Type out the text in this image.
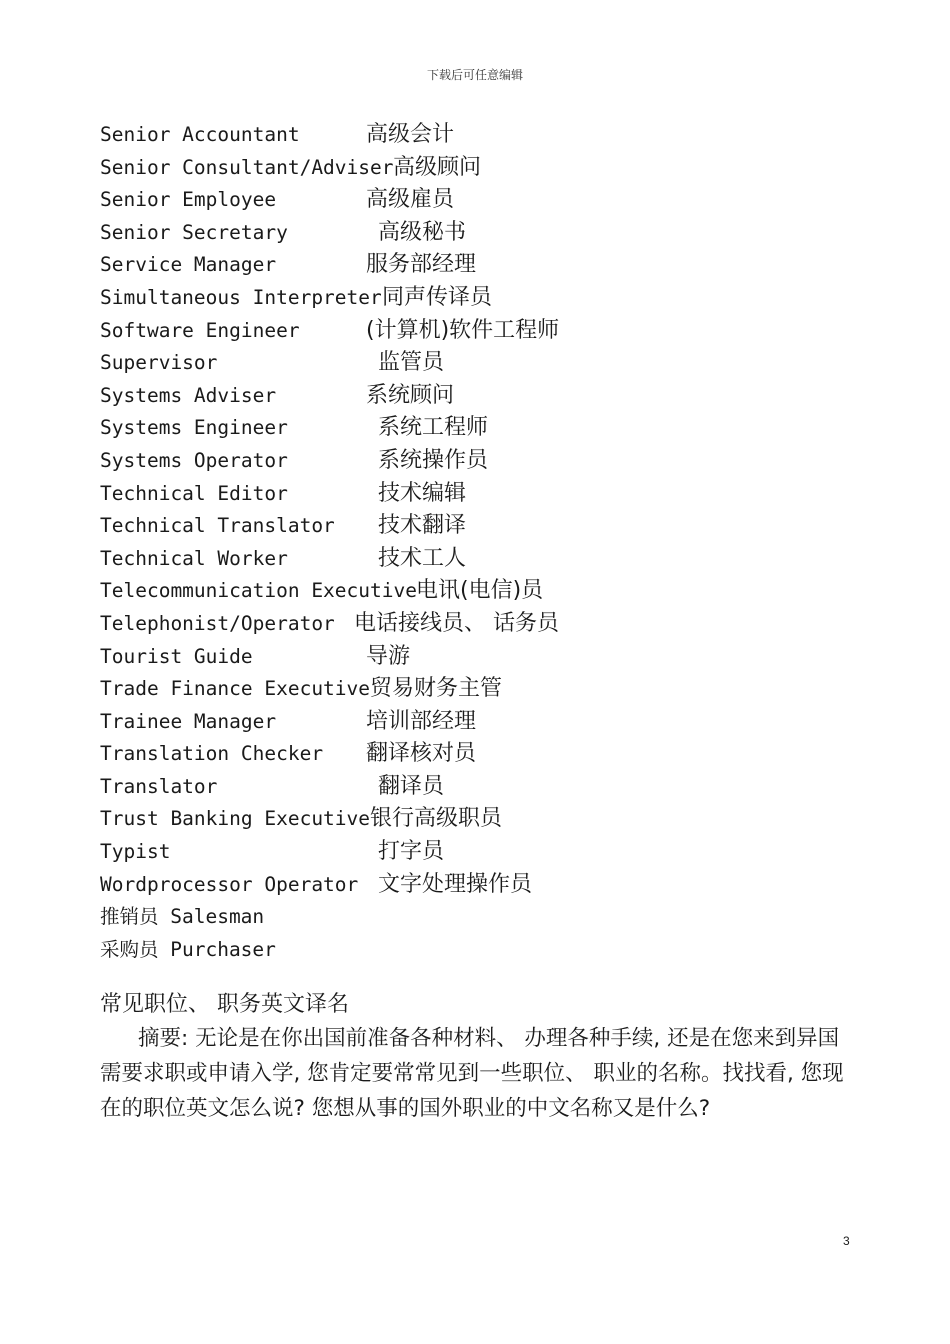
下载后可任意编辑
Senior Accountant	高级会计
Senior Consultant/Adviser 高级顾问
Senior Employee	高级雇员
Senior Secretary	高级秘书
Service Manager	服务部经理
Simultaneous Interpreter 同声传译员
Software Engineer	(计算机)软件工程师
Supervisor	监管员
Systems Adviser	系统顾问
Systems Engineer	系统工程师
Systems Operator	系统操作员
Technical Editor	技术编辑
Technical Translator 技术翻译
Technical Worker	技术工人
Telecommunication Executive 电讯(电信)员
Telephonist/Operator 电话接线员、 话务员
Tourist Guide	导游
Trade Finance Executive 贸易财务主管
Trainee Manager	培训部经理
Translation Checker 翻译核对员
Translator	翻译员
Trust Banking Executive 银行高级职员
Typist	打字员
Wordprocessor Operator 文字处理操作员
推销员 Salesman
采购员 Purchaser
常见职位、 职务英文译名

摘要: 无论是在你出国前准备各种材料、 办理各种手续, 还是在您来到异国需要求职或申请入学, 您肯定要常常见到一些职位、 职业的名称。找找看, 您现在的职位英文怎么说? 您想从事的国外职业的中文名称又是什么?

3
